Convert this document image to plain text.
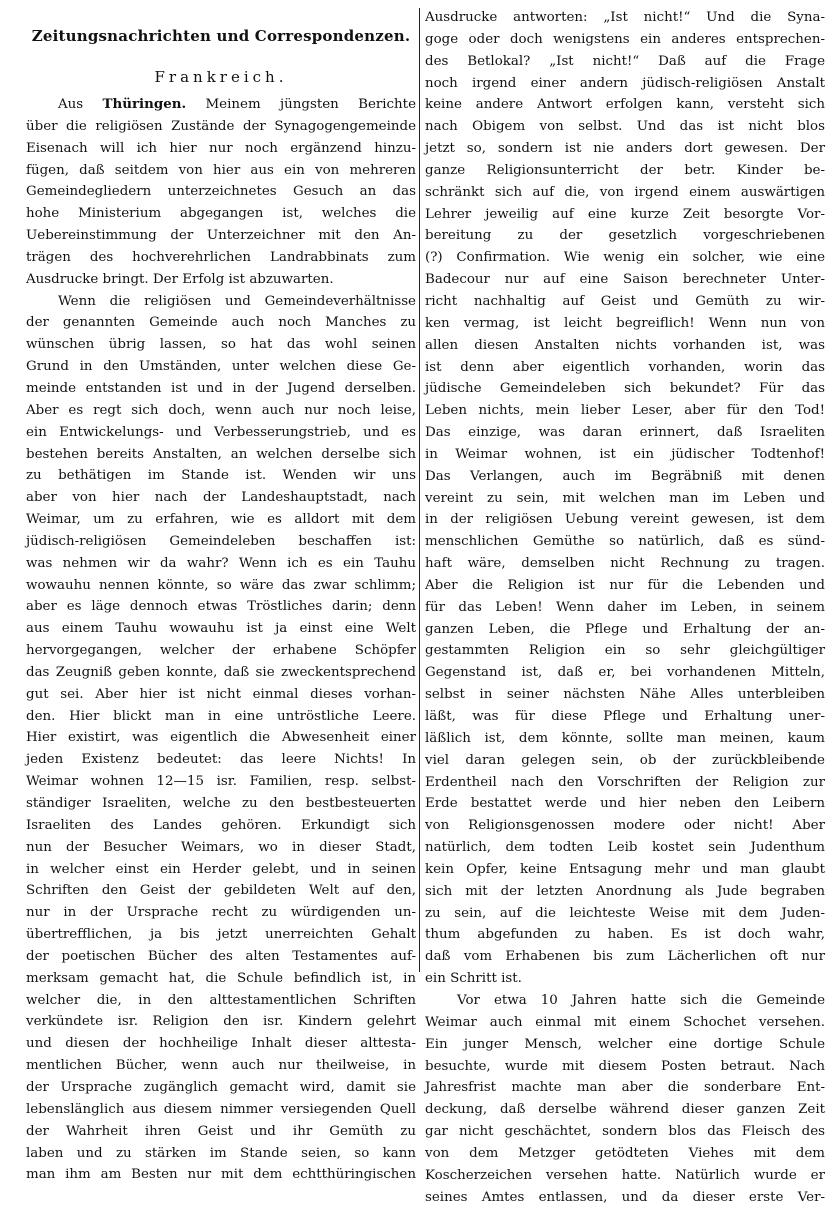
Zeitungsnachrichten und Correspondenzen.
Frankreich.
Aus Thüringen. Meinem jüngsten Berichte
über die religiösen Zustände der Synagogengemeinde
Eisenach will ich hier nur noch ergänzend hinzu-
fügen, daß seitdem von hier aus ein von mehreren
Gemeindegliedern unterzeichnetes Gesuch an das
hohe Ministerium abgegangen ist, welches die
Uebereinstimmung der Unterzeichner mit den An-
trägen des hochverehrlichen Landrabbinats zum
Ausdrucke bringt. Der Erfolg ist abzuwarten.
Wenn die religiösen und Gemeindeverhältnisse
der genannten Gemeinde auch noch Manches zu
wünschen übrig lassen, so hat das wohl seinen
Grund in den Umständen, unter welchen diese Ge-
meinde entstanden ist und in der Jugend derselben.
Aber es regt sich doch, wenn auch nur noch leise,
ein Entwickelungs- und Verbesserungstrieb, und es
bestehen bereits Anstalten, an welchen derselbe sich
zu bethätigen im Stande ist. Wenden wir uns
aber von hier nach der Landeshauptstadt, nach
Weimar, um zu erfahren, wie es alldort mit dem
jüdisch-religiösen Gemeindeleben beschaffen ist:
was nehmen wir da wahr? Wenn ich es ein Tauhu
wowauhu nennen könnte, so wäre das zwar schlimm;
aber es läge dennoch etwas Tröstliches darin; denn
aus einem Tauhu wowauhu ist ja einst eine Welt
hervorgegangen, welcher der erhabene Schöpfer
das Zeugniß geben konnte, daß sie zweckentsprechend
gut sei. Aber hier ist nicht einmal dieses vorhan-
den. Hier blickt man in eine untröstliche Leere.
Hier existirt, was eigentlich die Abwesenheit einer
jeden Existenz bedeutet: das leere Nichts! In
Weimar wohnen 12—15 isr. Familien, resp. selbst-
ständiger Israeliten, welche zu den bestbesteuerten
Israeliten des Landes gehören. Erkundigt sich
nun der Besucher Weimars, wo in dieser Stadt,
in welcher einst ein Herder gelebt, und in seinen
Schriften den Geist der gebildeten Welt auf den,
nur in der Ursprache recht zu würdigenden un-
übertrefflichen, ja bis jetzt unerreichten Gehalt
der poetischen Bücher des alten Testamentes auf-
merksam gemacht hat, die Schule befindlich ist, in
welcher die, in den alttestamentlichen Schriften
verkündete isr. Religion den isr. Kindern gelehrt
und diesen der hochheilige Inhalt dieser alttesta-
mentlichen Bücher, wenn auch nur theilweise, in
der Ursprache zugänglich gemacht wird, damit sie
lebenslänglich aus diesem nimmer versiegenden Quell
der Wahrheit ihren Geist und ihr Gemüth zu
laben und zu stärken im Stande seien, so kann
man ihm am Besten nur mit dem echtthüringischen
Ausdrucke antworten: „Ist nicht!“ Und die Syna-
goge oder doch wenigstens ein anderes entsprechen-
des Betlokal? „Ist nicht!“ Daß auf die Frage
noch irgend einer andern jüdisch-religiösen Anstalt
keine andere Antwort erfolgen kann, versteht sich
nach Obigem von selbst. Und das ist nicht blos
jetzt so, sondern ist nie anders dort gewesen. Der
ganze Religionsunterricht der betr. Kinder be-
schränkt sich auf die, von irgend einem auswärtigen
Lehrer jeweilig auf eine kurze Zeit besorgte Vor-
bereitung zu der gesetzlich vorgeschriebenen
(?) Confirmation. Wie wenig ein solcher, wie eine
Badecour nur auf eine Saison berechneter Unter-
richt nachhaltig auf Geist und Gemüth zu wir-
ken vermag, ist leicht begreiflich! Wenn nun von
allen diesen Anstalten nichts vorhanden ist, was
ist denn aber eigentlich vorhanden, worin das
jüdische Gemeindeleben sich bekundet? Für das
Leben nichts, mein lieber Leser, aber für den Tod!
Das einzige, was daran erinnert, daß Israeliten
in Weimar wohnen, ist ein jüdischer Todtenhof!
Das Verlangen, auch im Begräbniß mit denen
vereint zu sein, mit welchen man im Leben und
in der religiösen Uebung vereint gewesen, ist dem
menschlichen Gemüthe so natürlich, daß es sünd-
haft wäre, demselben nicht Rechnung zu tragen.
Aber die Religion ist nur für die Lebenden und
für das Leben! Wenn daher im Leben, in seinem
ganzen Leben, die Pflege und Erhaltung der an-
gestammten Religion ein so sehr gleichgültiger
Gegenstand ist, daß er, bei vorhandenen Mitteln,
selbst in seiner nächsten Nähe Alles unterbleiben
läßt, was für diese Pflege und Erhaltung uner-
läßlich ist, dem könnte, sollte man meinen, kaum
viel daran gelegen sein, ob der zurückbleibende
Erdentheil nach den Vorschriften der Religion zur
Erde bestattet werde und hier neben den Leibern
von Religionsgenossen modere oder nicht! Aber
natürlich, dem todten Leib kostet sein Judenthum
kein Opfer, keine Entsagung mehr und man glaubt
sich mit der letzten Anordnung als Jude begraben
zu sein, auf die leichteste Weise mit dem Juden-
thum abgefunden zu haben. Es ist doch wahr,
daß vom Erhabenen bis zum Lächerlichen oft nur
ein Schritt ist.
Vor etwa 10 Jahren hatte sich die Gemeinde
Weimar auch einmal mit einem Schochet versehen.
Ein junger Mensch, welcher eine dortige Schule
besuchte, wurde mit diesem Posten betraut. Nach
Jahresfrist machte man aber die sonderbare Ent-
deckung, daß derselbe während dieser ganzen Zeit
gar nicht geschächtet, sondern blos das Fleisch des
von dem Metzger getödteten Viehes mit dem
Koscherzeichen versehen hatte. Natürlich wurde er
seines Amtes entlassen, und da dieser erste Ver-
